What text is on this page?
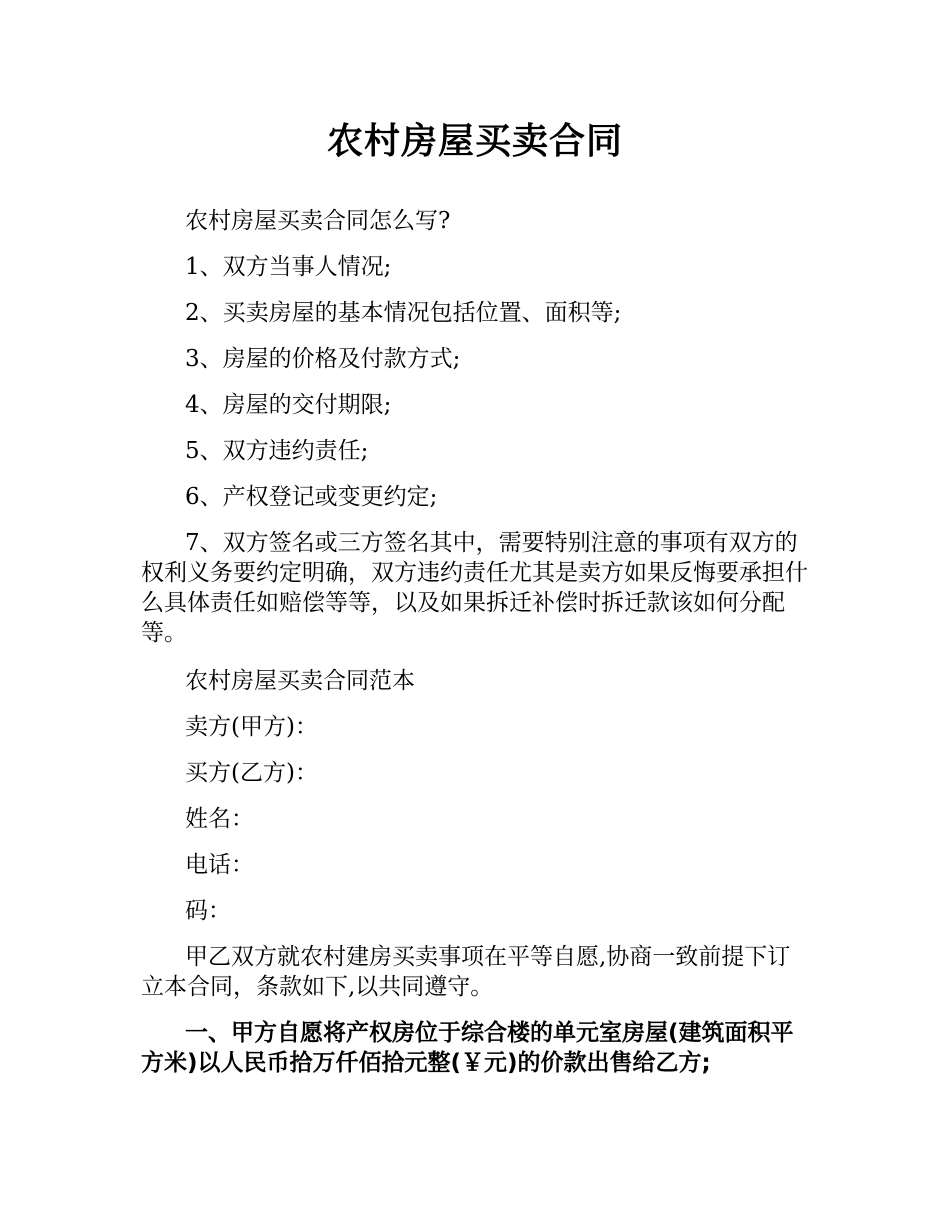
农村房屋买卖合同

农村房屋买卖合同怎么写?

1、双方当事人情况;

2、买卖房屋的基本情况包括位置、面积等;

3、房屋的价格及付款方式;

4、房屋的交付期限;

5、双方违约责任;

6、产权登记或变更约定;

7、双方签名或三方签名其中，需要特别注意的事项有双方的权利义务要约定明确，双方违约责任尤其是卖方如果反悔要承担什么具体责任如赔偿等等，以及如果拆迁补偿时拆迁款该如何分配等。

农村房屋买卖合同范本

卖方(甲方)：

买方(乙方)：

姓名：

电话：

码：

甲乙双方就农村建房买卖事项在平等自愿,协商一致前提下订立本合同，条款如下,以共同遵守。

一、甲方自愿将产权房位于综合楼的单元室房屋(建筑面积平方米)以人民币拾万仟佰拾元整(￥元)的价款出售给乙方;
